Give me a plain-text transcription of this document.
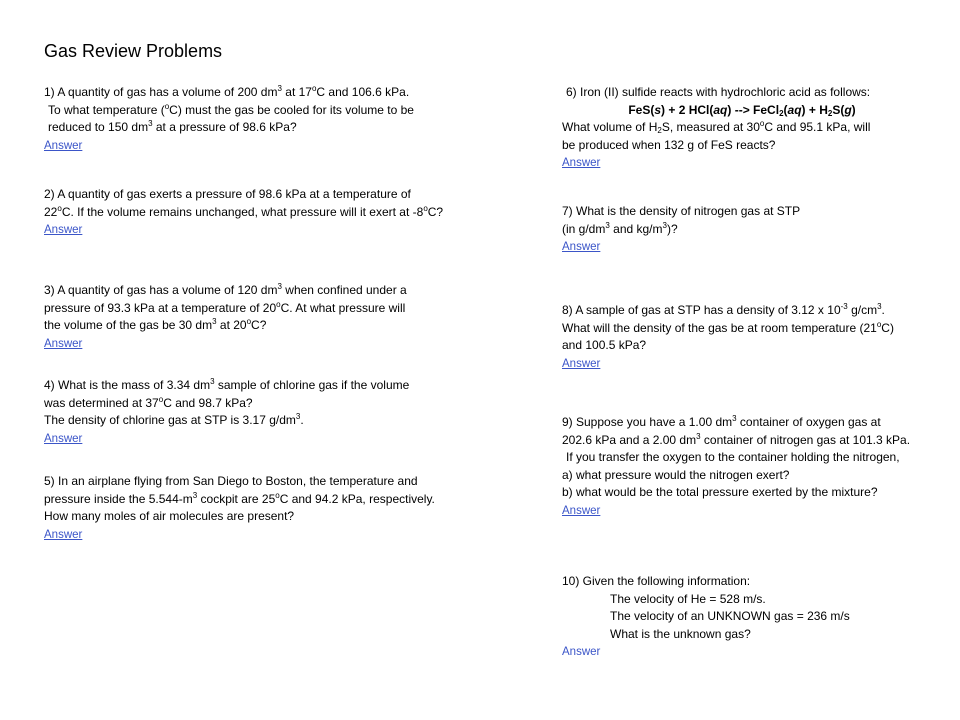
Gas Review Problems
1) A quantity of gas has a volume of 200 $dm^3$ at 17$^o$C and 106.6 kPa.
To what temperature ($^o$C) must the gas be cooled for its volume to be
reduced to 150 $dm^3$ at a pressure of 98.6 kPa?
Answer
2) A quantity of gas exerts a pressure of 98.6 kPa at a temperature of
22$^o$C. If the volume remains unchanged, what pressure will it exert at -8$^o$C?
Answer
3) A quantity of gas has a volume of 120 $dm^3$ when confined under a
pressure of 93.3 kPa at a temperature of 20$^o$C. At what pressure will
the volume of the gas be 30 $dm^3$ at 20$^o$C?
Answer
4) What is the mass of 3.34 $dm^3$ sample of chlorine gas if the volume
was determined at 37$^o$C and 98.7 kPa?
The density of chlorine gas at STP is 3.17 $g/dm^3$.
Answer
5) In an airplane flying from San Diego to Boston, the temperature and
pressure inside the $5.544-m^3$ cockpit are 25$^o$C and 94.2 kPa, respectively.
How many moles of air molecules are present?
Answer
6) Iron (II) sulfide reacts with hydrochloric acid as follows:
FeS(s) + 2 HCl(aq) --> FeCl$_2$(aq) + $H_2S(g)$
What volume of $H_2S$, measured at 30$^o$C and 95.1 kPa, will
be produced when 132 g of FeS reacts?
Answer
7) What is the density of nitrogen gas at STP
(in $g/dm^3$ and $kg/m^3$)?
Answer
8) A sample of gas at STP has a density of 3.12 x $10^{-3}$ $g/cm^3$.
What will the density of the gas be at room temperature (21$^o$C)
and 100.5 kPa?
Answer
9) Suppose you have a 1.00 $dm^3$ container of oxygen gas at
202.6 kPa and a 2.00 $dm^3$ container of nitrogen gas at 101.3 kPa.
If you transfer the oxygen to the container holding the nitrogen,
a) what pressure would the nitrogen exert?
b) what would be the total pressure exerted by the mixture?
Answer
10) Given the following information:
The velocity of He = 528 m/s.
The velocity of an UNKNOWN gas = 236 m/s
What is the unknown gas?
Answer
